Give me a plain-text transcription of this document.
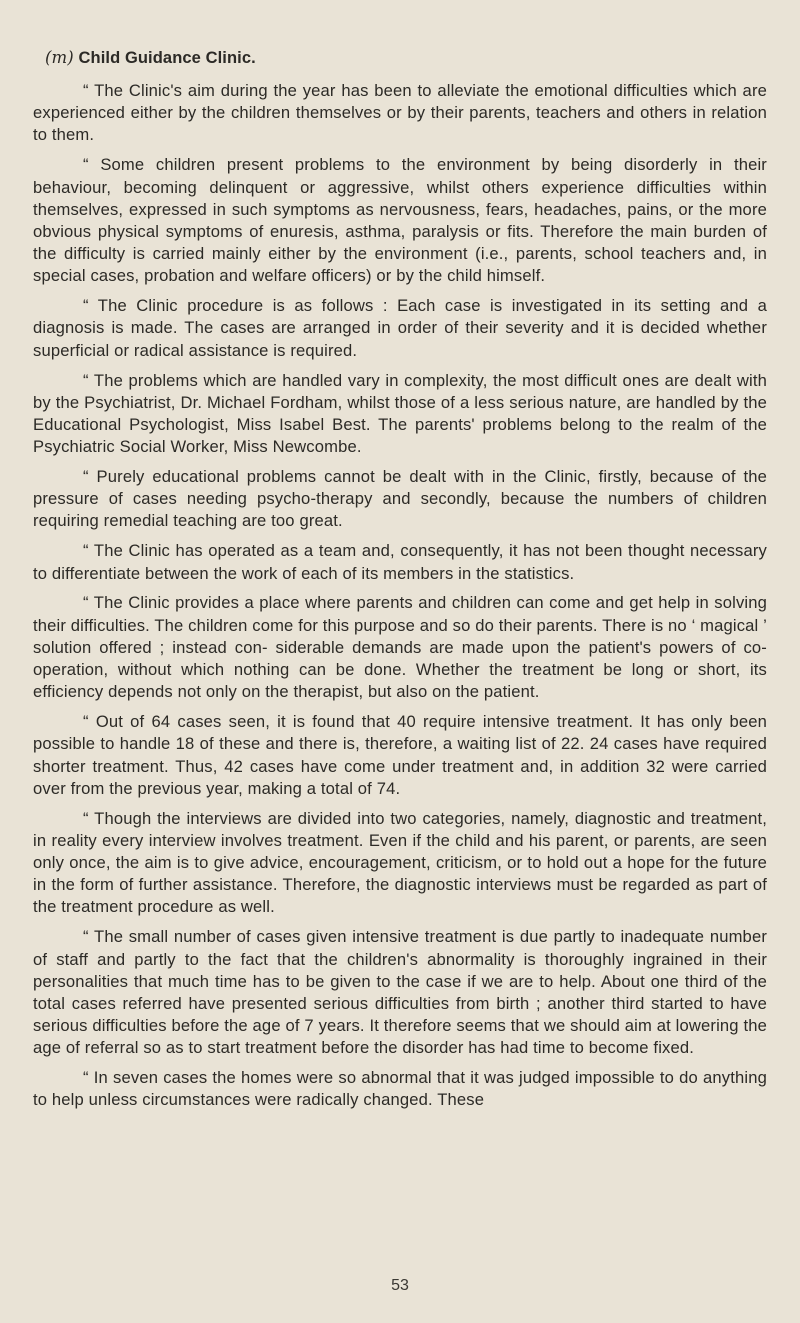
(m) Child Guidance Clinic.

“ The Clinic's aim during the year has been to alleviate the emotional difficulties which are experienced either by the children themselves or by their parents, teachers and others in relation to them.

“ Some children present problems to the environment by being disorderly in their behaviour, becoming delinquent or aggressive, whilst others experience difficulties within themselves, expressed in such symptoms as nervousness, fears, headaches, pains, or the more obvious physical symptoms of enuresis, asthma, paralysis or fits. Therefore the main burden of the difficulty is carried mainly either by the environment (i.e., parents, school teachers and, in special cases, probation and welfare officers) or by the child himself.

“ The Clinic procedure is as follows : Each case is investigated in its setting and a diagnosis is made. The cases are arranged in order of their severity and it is decided whether superficial or radical assistance is required.

“ The problems which are handled vary in complexity, the most difficult ones are dealt with by the Psychiatrist, Dr. Michael Fordham, whilst those of a less serious nature, are handled by the Educational Psychologist, Miss Isabel Best. The parents' problems belong to the realm of the Psychiatric Social Worker, Miss Newcombe.

“ Purely educational problems cannot be dealt with in the Clinic, firstly, because of the pressure of cases needing psycho-therapy and secondly, because the numbers of children requiring remedial teaching are too great.

“ The Clinic has operated as a team and, consequently, it has not been thought necessary to differentiate between the work of each of its members in the statistics.

“ The Clinic provides a place where parents and children can come and get help in solving their difficulties. The children come for this purpose and so do their parents. There is no ‘ magical ’ solution offered ; instead con- siderable demands are made upon the patient's powers of co-operation, without which nothing can be done. Whether the treatment be long or short, its efficiency depends not only on the therapist, but also on the patient.

“ Out of 64 cases seen, it is found that 40 require intensive treatment. It has only been possible to handle 18 of these and there is, therefore, a waiting list of 22. 24 cases have required shorter treatment. Thus, 42 cases have come under treatment and, in addition 32 were carried over from the previous year, making a total of 74.

“ Though the interviews are divided into two categories, namely, diagnostic and treatment, in reality every interview involves treatment. Even if the child and his parent, or parents, are seen only once, the aim is to give advice, encouragement, criticism, or to hold out a hope for the future in the form of further assistance. Therefore, the diagnostic interviews must be regarded as part of the treatment procedure as well.

“ The small number of cases given intensive treatment is due partly to inadequate number of staff and partly to the fact that the children's abnormality is thoroughly ingrained in their personalities that much time has to be given to the case if we are to help. About one third of the total cases referred have presented serious difficulties from birth ; another third started to have serious difficulties before the age of 7 years. It therefore seems that we should aim at lowering the age of referral so as to start treatment before the disorder has had time to become fixed.

“ In seven cases the homes were so abnormal that it was judged impossible to do anything to help unless circumstances were radically changed. These

53
